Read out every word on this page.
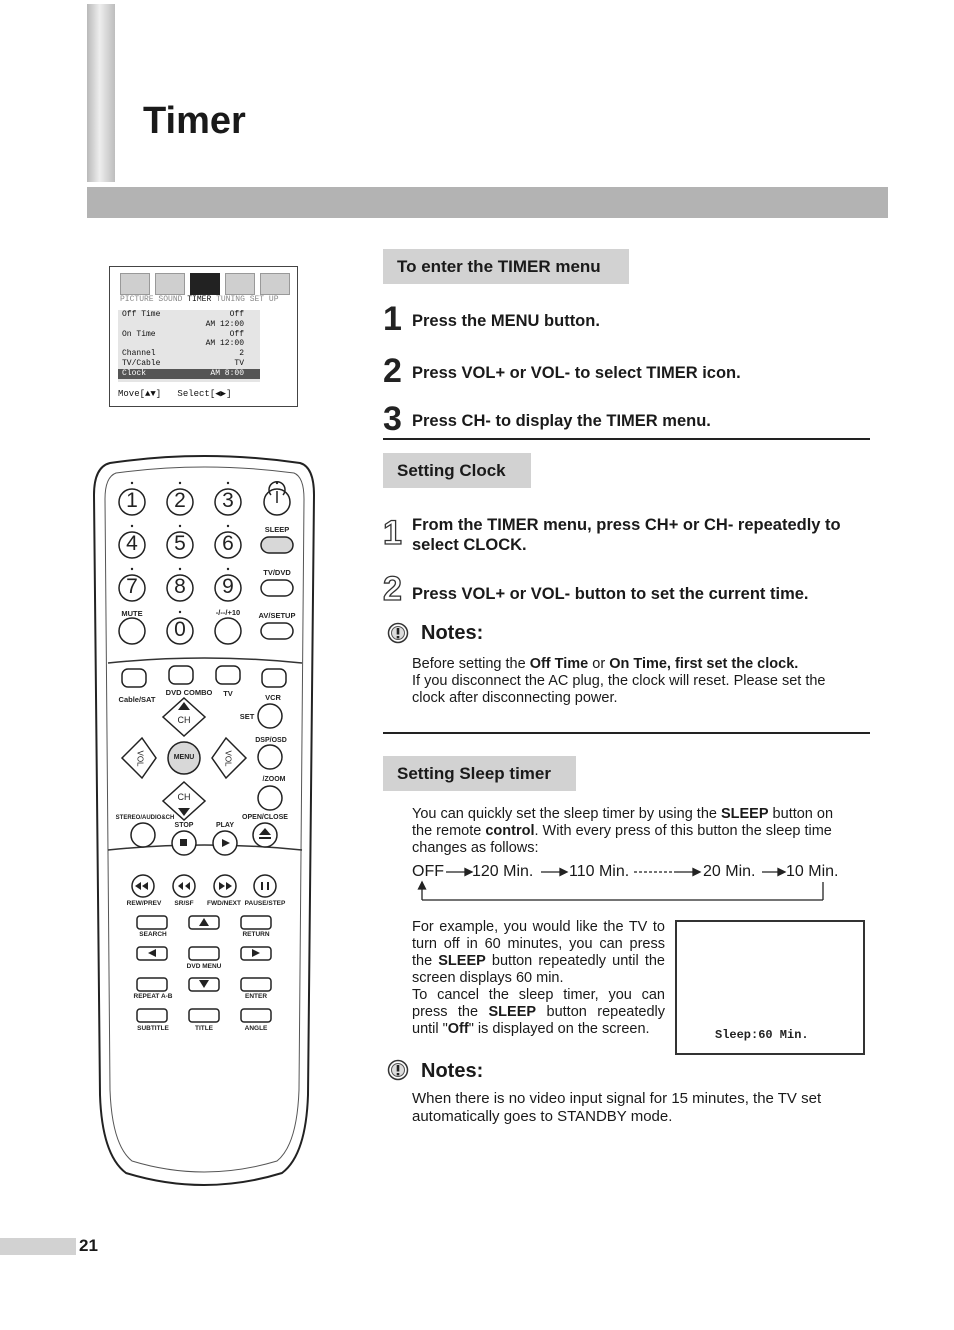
Timer
PICTURE SOUND TIMER TUNING SET UP
Off Time	Off
AM 12:00
On Time	Off
AM 12:00
Channel	2
TV/Cable	TV
Clock	AM 8:00
Move[▲▼] Select[◀▶]
1 2 3
4 5 6
7 8 9
0
SLEEP
TV/DVD
MUTE	-/--/+10 AV/SETUP
Cable/SAT
DVD COMBO TV	VCR
CH	SET
DSP/OSD
MENU
/ZOOM
CH
VOL	VOL
STEREO/AUDIO&CH
STOP	PLAY
OPEN/CLOSE
REW/PREV SR/SF FWD/NEXT PAUSE/STEP
SEARCH	RETURN
DVD MENU
REPEAT A-B	ENTER
SUBTITLE	TITLE	ANGLE
To enter the TIMER menu
1 Press the MENU button.
2 Press VOL+ or VOL- to select TIMER icon.
3 Press CH- to display the TIMER menu.
Setting Clock
1 From the TIMER menu, press CH+ or CH- repeatedly to select CLOCK.
2 Press VOL+ or VOL- button to set the current time.
Notes:
Before setting the Off Time or On Time, first set the clock.
If you disconnect the AC plug, the clock will reset. Please set the clock after disconnecting power.
Setting Sleep timer
You can quickly set the sleep timer by using the SLEEP button on the remote control. With every press of this button the sleep time changes as follows:
OFF 120 Min. 110 Min.	20 Min. 10 Min.
For example, you would like the TV to turn off in 60 minutes, you can press the SLEEP button repeatedly until the screen displays 60 min.
To cancel the sleep timer, you can press the SLEEP button repeatedly until "Off" is displayed on the screen.	Sleep:60 Min.
Notes:
When there is no video input signal for 15 minutes, the TV set automatically goes to STANDBY mode.
21
